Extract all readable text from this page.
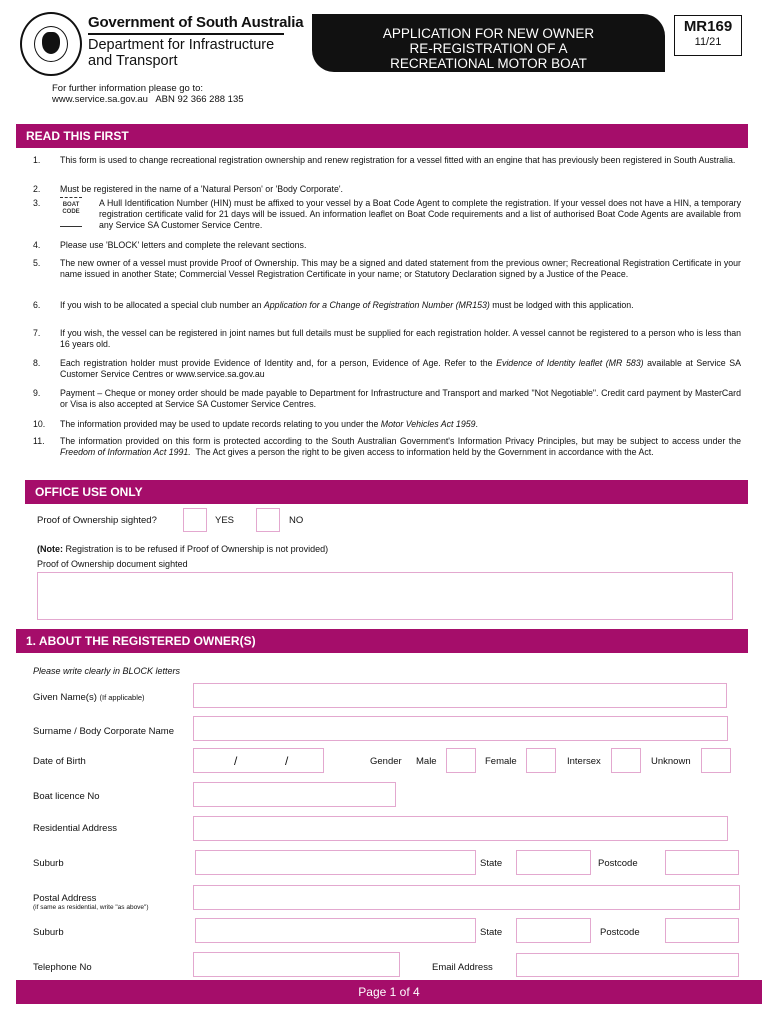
Government of South Australia
Department for Infrastructure and Transport
APPLICATION FOR NEW OWNER
RE-REGISTRATION OF A
RECREATIONAL MOTOR BOAT
MR169
11/21
For further information please go to:
www.service.sa.gov.au   ABN 92 366 288 135
READ THIS FIRST
1. This form is used to change recreational registration ownership and renew registration for a vessel fitted with an engine that has previously been registered in South Australia.
2. Must be registered in the name of a 'Natural Person' or 'Body Corporate'.
3.	BOAT CODE
A Hull Identification Number (HIN) must be affixed to your vessel by a Boat Code Agent to complete the registration. If your vessel does not have a HIN, a temporary registration certificate valid for 21 days will be issued. An information leaflet on Boat Code requirements and a list of authorised Boat Code Agents are available from any Service SA Customer Service Centre.
4. Please use 'BLOCK' letters and complete the relevant sections.
5. The new owner of a vessel must provide Proof of Ownership. This may be a signed and dated statement from the previous owner; Recreational Registration Certificate in your name issued in another State; Commercial Vessel Registration Certificate in your name; or Statutory Declaration signed by a Justice of the Peace.
6. If you wish to be allocated a special club number an Application for a Change of Registration Number (MR153) must be lodged with this application.
7. If you wish, the vessel can be registered in joint names but full details must be supplied for each registration holder. A vessel cannot be registered to a person who is less than 16 years old.
8. Each registration holder must provide Evidence of Identity and, for a person, Evidence of Age. Refer to the Evidence of Identity leaflet (MR 583) available at Service SA Customer Service Centres or www.service.sa.gov.au
9. Payment – Cheque or money order should be made payable to Department for Infrastructure and Transport and marked "Not Negotiable". Credit card payment by MasterCard or Visa is also accepted at Service SA Customer Service Centres.
10. The information provided may be used to update records relating to you under the Motor Vehicles Act 1959.
11. The information provided on this form is protected according to the South Australian Government's Information Privacy Principles, but may be subject to access under the Freedom of Information Act 1991.  The Act gives a person the right to be given access to information held by the Government in accordance with the Act.
OFFICE USE ONLY
Proof of Ownership sighted?	YES	NO
(Note: Registration is to be refused if Proof of Ownership is not provided)
Proof of Ownership document sighted
1. ABOUT THE REGISTERED OWNER(S)
Please write clearly in BLOCK letters
Given Name(s) (If applicable)
Surname / Body Corporate Name
Date of Birth	/	/	Gender Male	Female	Intersex	Unknown
Boat licence No
Residential Address
Suburb	State	Postcode
Postal Address
(if same as residential, write "as above")
Suburb	State	Postcode
Telephone No	Email Address
Page 1 of 4
